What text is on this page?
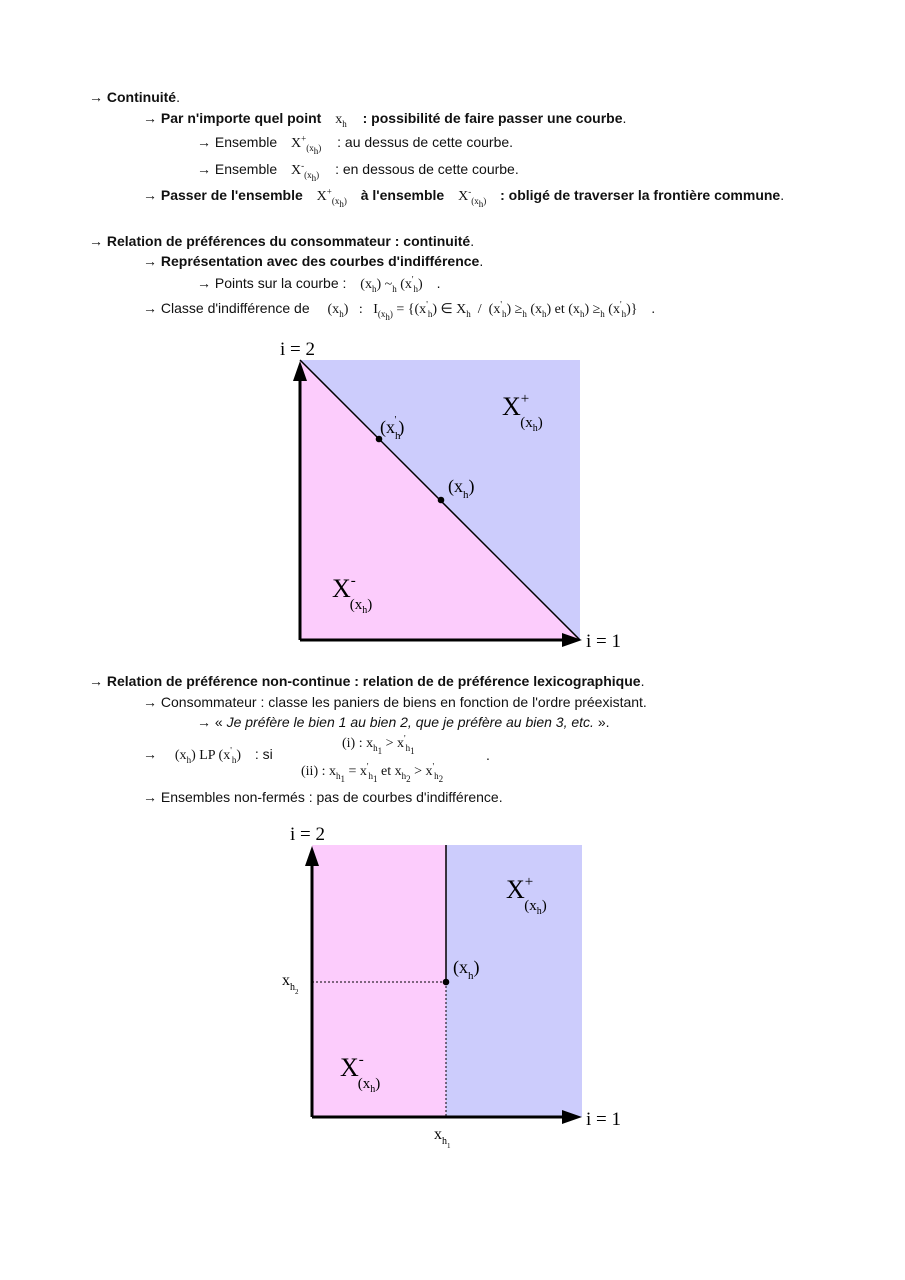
→ Continuité.
→ Par n'importe quel point $x_h$ : possibilité de faire passer une courbe.
→ Ensemble $X^+_{(x_h)}$ : au dessus de cette courbe.
→ Ensemble $X^-_{(x_h)}$ : en dessous de cette courbe.
→ Passer de l'ensemble $X^+_{(x_h)}$ à l'ensemble $X^-_{(x_h)}$ : obligé de traverser la frontière commune.
→ Relation de préférences du consommateur : continuité.
→ Représentation avec des courbes d'indifférence.
→ Points sur la courbe : $(x_h)$ $\sim_h$ $(x'_h)$ .
→ Classe d'indifférence de $(x_h)$   :   $I_{(x_h)} = \{(x'_h)$ ∈ $X_h / (x'_h) \ge_h$ $(x_h)$ et $(x_h) \ge_h$ $(x'_h)$}    .
i = 2
i = 1
($x_h'$ )
$(x_h)$
X+ (xh)
X-(xh)
→ Relation de préférence non-continue : relation de de préférence lexicographique.
→ Consommateur : classe les paniers de biens en fonction de l'ordre préexistant.
→ « Je préfère le bien 1 au bien 2, que je préfère au bien 3, etc. ».
→ $(x_h)$ LP $(x'_h)$ : si
(i) : $x_{h_1} > x'_{h_1}$
(ii) : $x_{h_1} = x'_{h_1}$ et $x_{h_2} > x'_{h_2}$
.
→ Ensembles non-fermés : pas de courbes d'indifférence.
i = 2
i = 1
$(x_h)$
$x_{h2}$
$x_{h1}$
X+ (xh)
X-(xh)
